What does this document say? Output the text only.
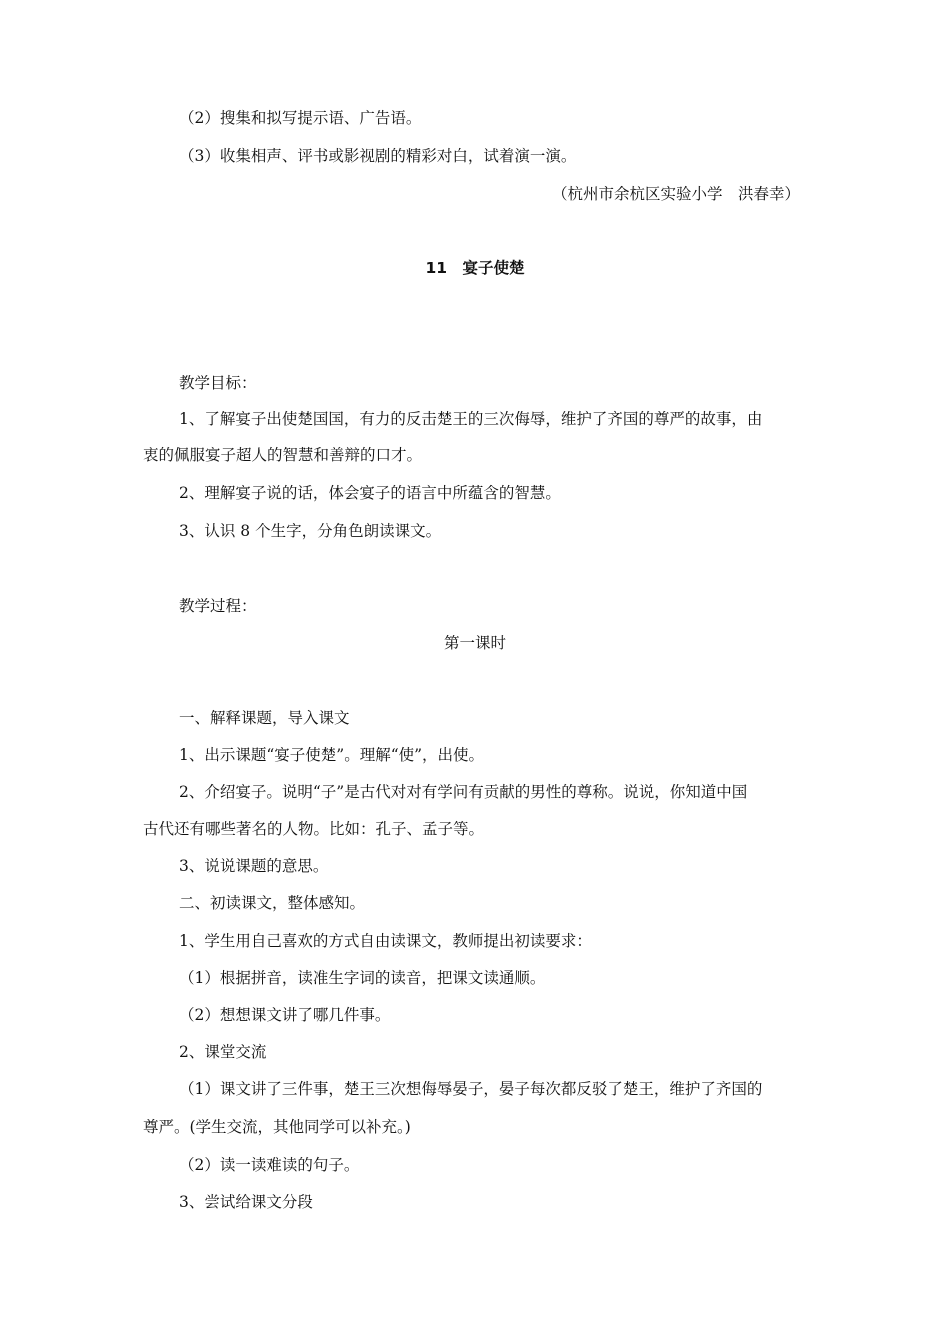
（2）搜集和拟写提示语、广告语。
（3）收集相声、评书或影视剧的精彩对白，试着演一演。
（杭州市余杭区实验小学　洪春幸）
11　宴子使楚
教学目标：
1、了解宴子出使楚国国，有力的反击楚王的三次侮辱，维护了齐国的尊严的故事，由
衷的佩服宴子超人的智慧和善辩的口才。
2、理解宴子说的话，体会宴子的语言中所蕴含的智慧。
3、认识 8 个生字，分角色朗读课文。
教学过程：
第一课时
一、解释课题，导入课文
1、出示课题“宴子使楚”。理解“使”，出使。
2、介绍宴子。说明“子”是古代对对有学问有贡献的男性的尊称。说说，你知道中国
古代还有哪些著名的人物。比如：孔子、孟子等。
3、说说课题的意思。
二、初读课文，整体感知。
1、学生用自己喜欢的方式自由读课文，教师提出初读要求：
（1）根据拼音，读准生字词的读音，把课文读通顺。
（2）想想课文讲了哪几件事。
2、课堂交流
（1）课文讲了三件事，楚王三次想侮辱晏子，晏子每次都反驳了楚王，维护了齐国的
尊严。(学生交流，其他同学可以补充。)
（2）读一读难读的句子。
3、尝试给课文分段
